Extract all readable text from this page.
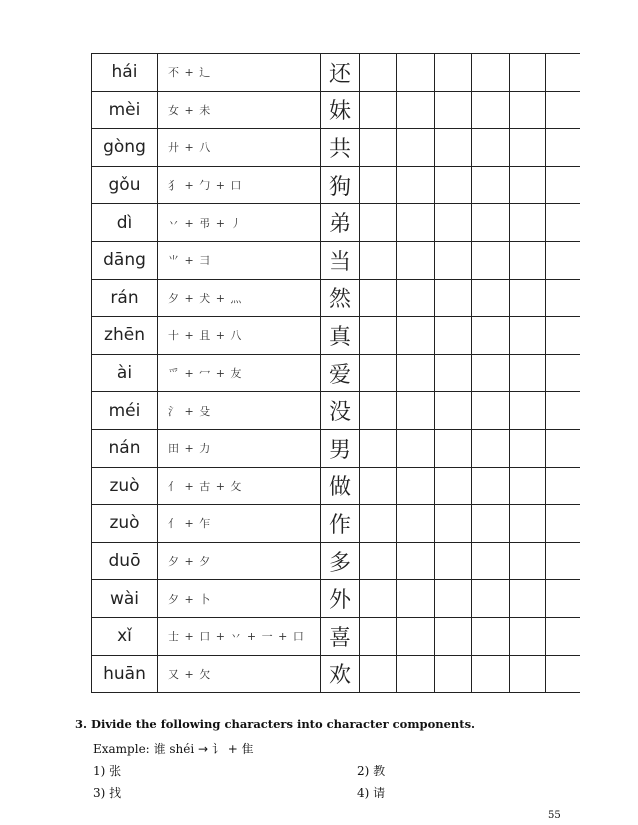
hái	不 + 辶	还
mèi	女 + 未	妹
gòng	廾 + 八	共
gǒu	犭 + 勹 + 口	狗
dì	丷 + 弔 + 丿	弟
dāng	⺌ + 彐	当
rán	夕 + 犬 + 灬	然
zhēn	十 + 且 + 八	真
ài	爫 + 冖 + 友	爱
méi	氵 + 殳	没
nán	田 + 力	男
zuò	亻 + 古 + 攵	做
zuò	亻 + 乍	作
duō	夕 + 夕	多
wài	夕 + 卜	外
xǐ	士 + 口 + 丷 + 一 + 口	喜
huān	又 + 欠	欢
3. Divide the following characters into character components.
Example: 谁 shéi → 讠 + 隹
1) 张	2) 教
3) 找	4) 请
55
